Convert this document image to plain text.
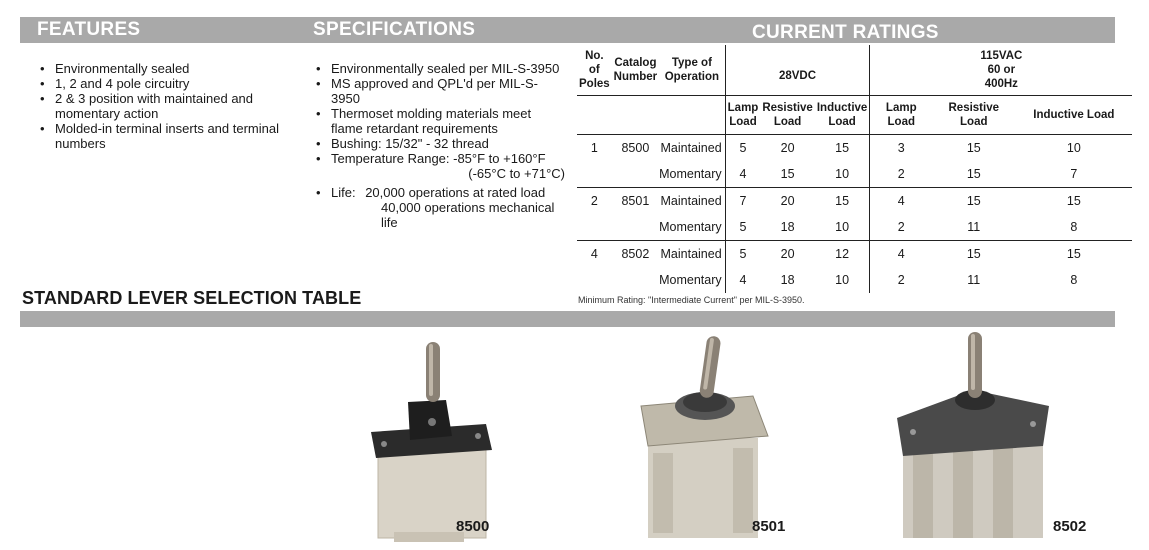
FEATURES	SPECIFICATIONS	CURRENT RATINGS
• Environmentally sealed
• 1, 2 and 4 pole circuitry
• 2 & 3 position with maintained and momentary action
• Molded-in terminal inserts and terminal numbers
• Environmentally sealed per MIL-S-3950
• MS approved and QPL'd per MIL-S-3950
• Thermoset molding materials meet flame retardant requirements
• Bushing: 15/32" - 32 thread
• Temperature Range: -85°F to +160°F
(-65°C to +71°C)
• Life: 20,000 operations at rated load
40,000 operations mechanical life
No. of Poles	Catalog Number	Type of Operation	28VDC			115VAC 60 or 400Hz		
			Lamp Load	Resistive Load	Inductive Load	Lamp Load	Resistive Load	Inductive Load
1	8500	Maintained	5	20	15	3	15	10
		Momentary	4	15	10	2	15	7
2	8501	Maintained	7	20	15	4	15	15
		Momentary	5	18	10	2	11	8
4	8502	Maintained	5	20	12	4	15	15
		Momentary	4	18	10	2	11	8
Minimum Rating: "Intermediate Current" per MIL-S-3950.
STANDARD LEVER SELECTION TABLE
8500	8501	8502
